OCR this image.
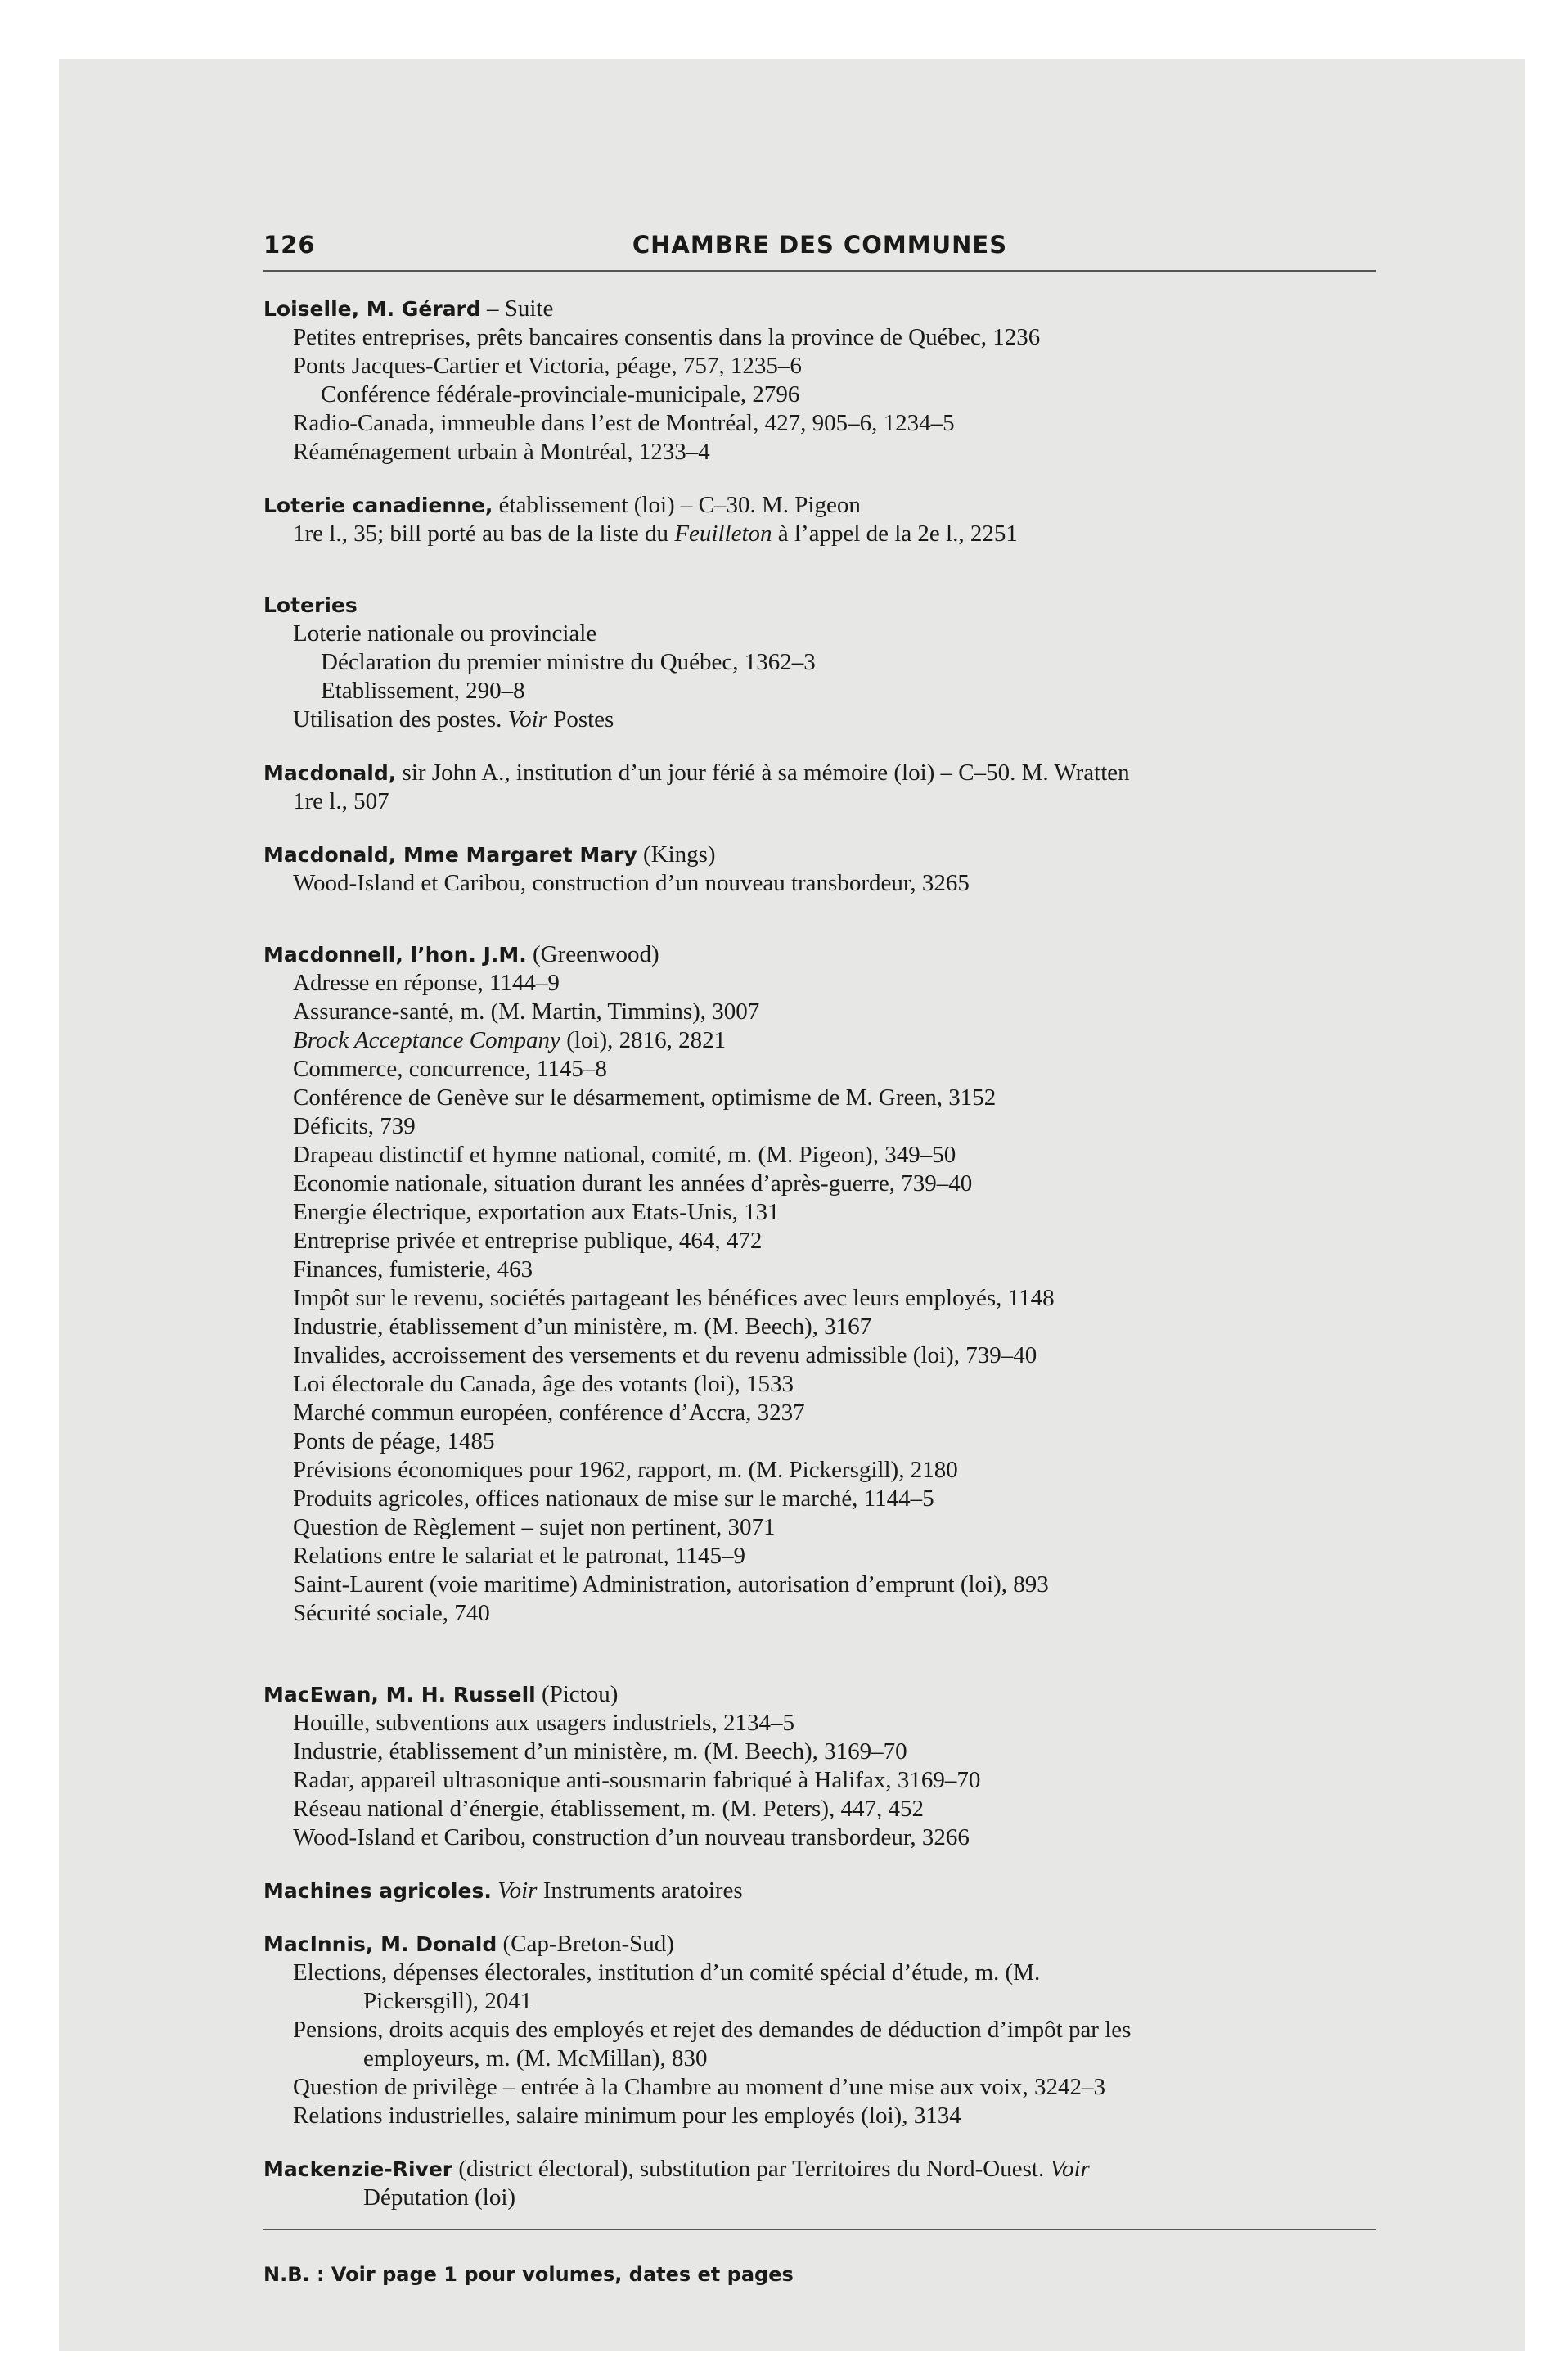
126	CHAMBRE DES COMMUNES
Loiselle, M. Gérard – Suite
Petites entreprises, prêts bancaires consentis dans la province de Québec, 1236
Ponts Jacques-Cartier et Victoria, péage, 757, 1235–6
Conférence fédérale-provinciale-municipale, 2796
Radio-Canada, immeuble dans l’est de Montréal, 427, 905–6, 1234–5
Réaménagement urbain à Montréal, 1233–4
Loterie canadienne, établissement (loi) – C–30. M. Pigeon
1re l., 35; bill porté au bas de la liste du Feuilleton à l’appel de la 2e l., 2251
Loteries
Loterie nationale ou provinciale
Déclaration du premier ministre du Québec, 1362–3
Etablissement, 290–8
Utilisation des postes. Voir Postes
Macdonald, sir John A., institution d’un jour férié à sa mémoire (loi) – C–50. M. Wratten
1re l., 507
Macdonald, Mme Margaret Mary (Kings)
Wood-Island et Caribou, construction d’un nouveau transbordeur, 3265
Macdonnell, l’hon. J.M. (Greenwood)
Adresse en réponse, 1144–9
Assurance-santé, m. (M. Martin, Timmins), 3007
Brock Acceptance Company (loi), 2816, 2821
Commerce, concurrence, 1145–8
Conférence de Genève sur le désarmement, optimisme de M. Green, 3152
Déficits, 739
Drapeau distinctif et hymne national, comité, m. (M. Pigeon), 349–50
Economie nationale, situation durant les années d’après-guerre, 739–40
Energie électrique, exportation aux Etats-Unis, 131
Entreprise privée et entreprise publique, 464, 472
Finances, fumisterie, 463
Impôt sur le revenu, sociétés partageant les bénéfices avec leurs employés, 1148
Industrie, établissement d’un ministère, m. (M. Beech), 3167
Invalides, accroissement des versements et du revenu admissible (loi), 739–40
Loi électorale du Canada, âge des votants (loi), 1533
Marché commun européen, conférence d’Accra, 3237
Ponts de péage, 1485
Prévisions économiques pour 1962, rapport, m. (M. Pickersgill), 2180
Produits agricoles, offices nationaux de mise sur le marché, 1144–5
Question de Règlement – sujet non pertinent, 3071
Relations entre le salariat et le patronat, 1145–9
Saint-Laurent (voie maritime) Administration, autorisation d’emprunt (loi), 893
Sécurité sociale, 740
MacEwan, M. H. Russell (Pictou)
Houille, subventions aux usagers industriels, 2134–5
Industrie, établissement d’un ministère, m. (M. Beech), 3169–70
Radar, appareil ultrasonique anti-sousmarin fabriqué à Halifax, 3169–70
Réseau national d’énergie, établissement, m. (M. Peters), 447, 452
Wood-Island et Caribou, construction d’un nouveau transbordeur, 3266
Machines agricoles. Voir Instruments aratoires
MacInnis, M. Donald (Cap-Breton-Sud)
Elections, dépenses électorales, institution d’un comité spécial d’étude, m. (M.
Pickersgill), 2041
Pensions, droits acquis des employés et rejet des demandes de déduction d’impôt par les
employeurs, m. (M. McMillan), 830
Question de privilège – entrée à la Chambre au moment d’une mise aux voix, 3242–3
Relations industrielles, salaire minimum pour les employés (loi), 3134
Mackenzie-River (district électoral), substitution par Territoires du Nord-Ouest. Voir
Députation (loi)
N.B. : Voir page 1 pour volumes, dates et pages
